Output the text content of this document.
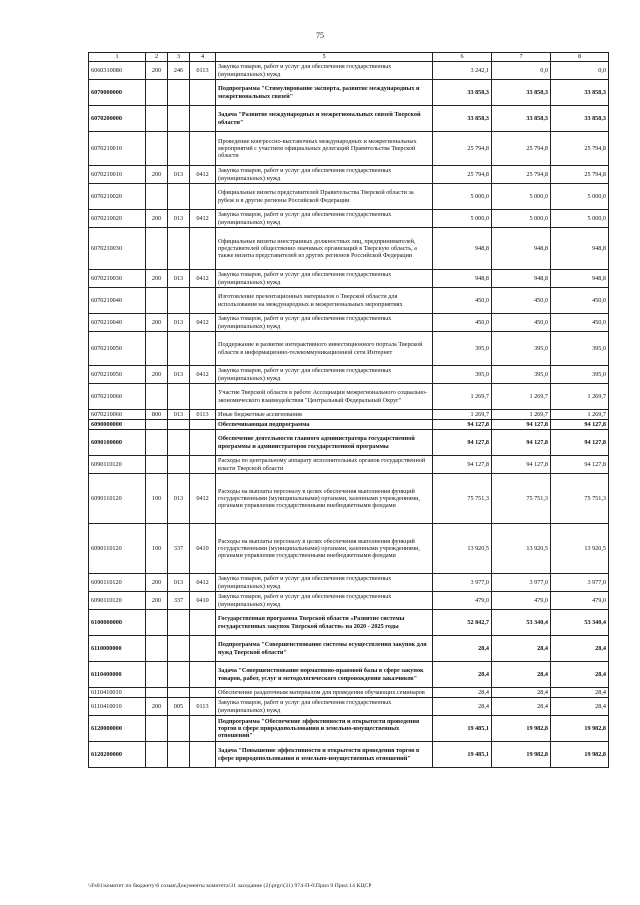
75
1	2	3	4	5	6	7	8
6060310080	200	246	0113	Закупка товаров, работ и услуг для обеспечения государственных (муниципальных) нужд	3 242,1	0,0	0,0
6070000000				Подпрограмма "Стимулирование экспорта, развитие международных и межрегиональных связей"	33 858,3	33 858,3	33 858,3
6070200000				Задача "Развитие международных и межрегиональных связей Тверской области"	33 858,3	33 858,3	33 858,3
6070210010				Проведение конгрессно-выставочных международных и межрегиональных мероприятий с участием официальных делегаций Правительства Тверской области	25 794,8	25 794,8	25 794,8
6070210010	200	013	0412	Закупка товаров, работ и услуг для обеспечения государственных (муниципальных) нужд	25 794,8	25 794,8	25 794,8
6070210020				Официальные визиты представителей Правительства Тверской области за рубеж и в другие регионы Российской Федерации	5 000,0	5 000,0	5 000,0
6070210020	200	013	0412	Закупка товаров, работ и услуг для обеспечения государственных (муниципальных) нужд	5 000,0	5 000,0	5 000,0
6070210030				Официальные визиты иностранных должностных лиц, предпринимателей, представителей общественно значимых организаций в Тверскую область, а также визиты представителей из других регионов Российской Федерации	948,8	948,8	948,8
6070210030	200	013	0412	Закупка товаров, работ и услуг для обеспечения государственных (муниципальных) нужд	948,8	948,8	948,8
6070210040				Изготовление презентационных материалов о Тверской области для использования на международных и межрегиональных мероприятиях	450,0	450,0	450,0
6070210040	200	013	0412	Закупка товаров, работ и услуг для обеспечения государственных (муниципальных) нужд	450,0	450,0	450,0
6070210050				Поддержание и развитие интерактивного инвестиционного портала Тверской области в информационно-телекоммуникационной сети Интернет	395,0	395,0	395,0
6070210050	200	013	0412	Закупка товаров, работ и услуг для обеспечения государственных (муниципальных) нужд	395,0	395,0	395,0
6070210060				Участие Тверской области в работе Ассоциации межрегионального социально-экономического взаимодействия "Центральный Федеральный Округ"	1 269,7	1 269,7	1 269,7
6070210060	800	013	0113	Иные бюджетные ассигнования	1 269,7	1 269,7	1 269,7
6090000000				Обеспечивающая подпрограмма	94 127,8	94 127,8	94 127,8
6090100000				Обеспечение деятельности главного администратора государственной программы и администраторов государственной программы	94 127,8	94 127,8	94 127,8
6090110120				Расходы по центральному аппарату исполнительных органов государственной власти Тверской области	94 127,8	94 127,8	94 127,8
6090110120	100	013	0412	Расходы на выплаты персоналу в целях обеспечения выполнения функций государственными (муниципальными) органами, казенными учреждениями, органами управления государственными внебюджетными фондами	75 751,3	75 751,3	75 751,3
6090110120	100	337	0410	Расходы на выплаты персоналу в целях обеспечения выполнения функций государственными (муниципальными) органами, казенными учреждениями, органами управления государственными внебюджетными фондами	13 920,5	13 920,5	13 920,5
6090110120	200	013	0412	Закупка товаров, работ и услуг для обеспечения государственных (муниципальных) нужд	3 977,0	3 977,0	3 977,0
6090110120	200	337	0410	Закупка товаров, работ и услуг для обеспечения государственных (муниципальных) нужд	479,0	479,0	479,0
6100000000				Государственная программа Тверской области «Развитие системы государственных закупок Тверской области» на 2020 - 2025 годы	52 842,7	53 340,4	53 340,4
6110000000				Подпрограмма "Совершенствование системы осуществления закупок для нужд Тверской области"	28,4	28,4	28,4
6110400000				Задача "Совершенствование нормативно-правовой базы в сфере закупок товаров, работ, услуг и методологического сопровождения заказчиков"	28,4	28,4	28,4
6110410010				Обеспечение раздаточным материалом для проведения обучающих семинаров	28,4	28,4	28,4
6110410010	200	005	0113	Закупка товаров, работ и услуг для обеспечения государственных (муниципальных) нужд	28,4	28,4	28,4
6120000000				Подпрограмма "Обеспечение эффективности и открытости проведения торгов в сфере природопользования и земельно-имущественных отношений"	19 485,1	19 982,8	19 982,8
6120200000				Задача "Повышение эффективности и открытости проведения торгов в сфере природопользования и земельно-имущественных отношений"	19 485,1	19 982,8	19 982,8
\\Fs01\комитет по бюджету\6 созыв\Документы комитета\31 заседание (2)\prgr\(31) 974-П-6\Прил 9 Прил 14 КЦСР
